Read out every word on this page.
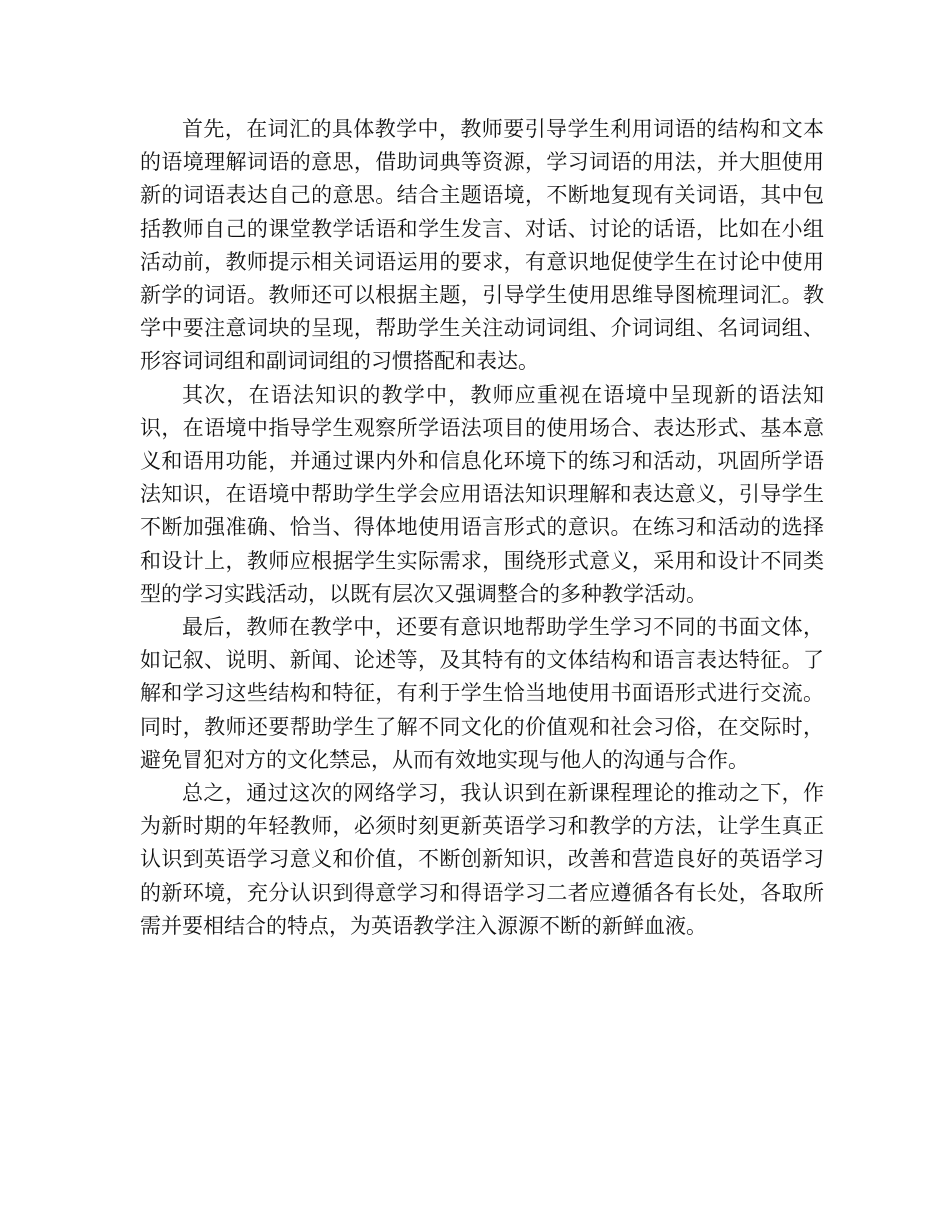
首先，在词汇的具体教学中，教师要引导学生利用词语的结构和文本的语境理解词语的意思，借助词典等资源，学习词语的用法，并大胆使用新的词语表达自己的意思。结合主题语境，不断地复现有关词语，其中包括教师自己的课堂教学话语和学生发言、对话、讨论的话语，比如在小组活动前，教师提示相关词语运用的要求，有意识地促使学生在讨论中使用新学的词语。教师还可以根据主题，引导学生使用思维导图梳理词汇。教学中要注意词块的呈现，帮助学生关注动词词组、介词词组、名词词组、形容词词组和副词词组的习惯搭配和表达。

其次，在语法知识的教学中，教师应重视在语境中呈现新的语法知识，在语境中指导学生观察所学语法项目的使用场合、表达形式、基本意义和语用功能，并通过课内外和信息化环境下的练习和活动，巩固所学语法知识，在语境中帮助学生学会应用语法知识理解和表达意义，引导学生不断加强准确、恰当、得体地使用语言形式的意识。在练习和活动的选择和设计上，教师应根据学生实际需求，围绕形式意义，采用和设计不同类型的学习实践活动，以既有层次又强调整合的多种教学活动。

最后，教师在教学中，还要有意识地帮助学生学习不同的书面文体，如记叙、说明、新闻、论述等，及其特有的文体结构和语言表达特征。了解和学习这些结构和特征，有利于学生恰当地使用书面语形式进行交流。同时，教师还要帮助学生了解不同文化的价值观和社会习俗，在交际时，避免冒犯对方的文化禁忌，从而有效地实现与他人的沟通与合作。

总之，通过这次的网络学习，我认识到在新课程理论的推动之下，作为新时期的年轻教师，必须时刻更新英语学习和教学的方法，让学生真正认识到英语学习意义和价值，不断创新知识，改善和营造良好的英语学习的新环境，充分认识到得意学习和得语学习二者应遵循各有长处，各取所需并要相结合的特点，为英语教学注入源源不断的新鲜血液。
